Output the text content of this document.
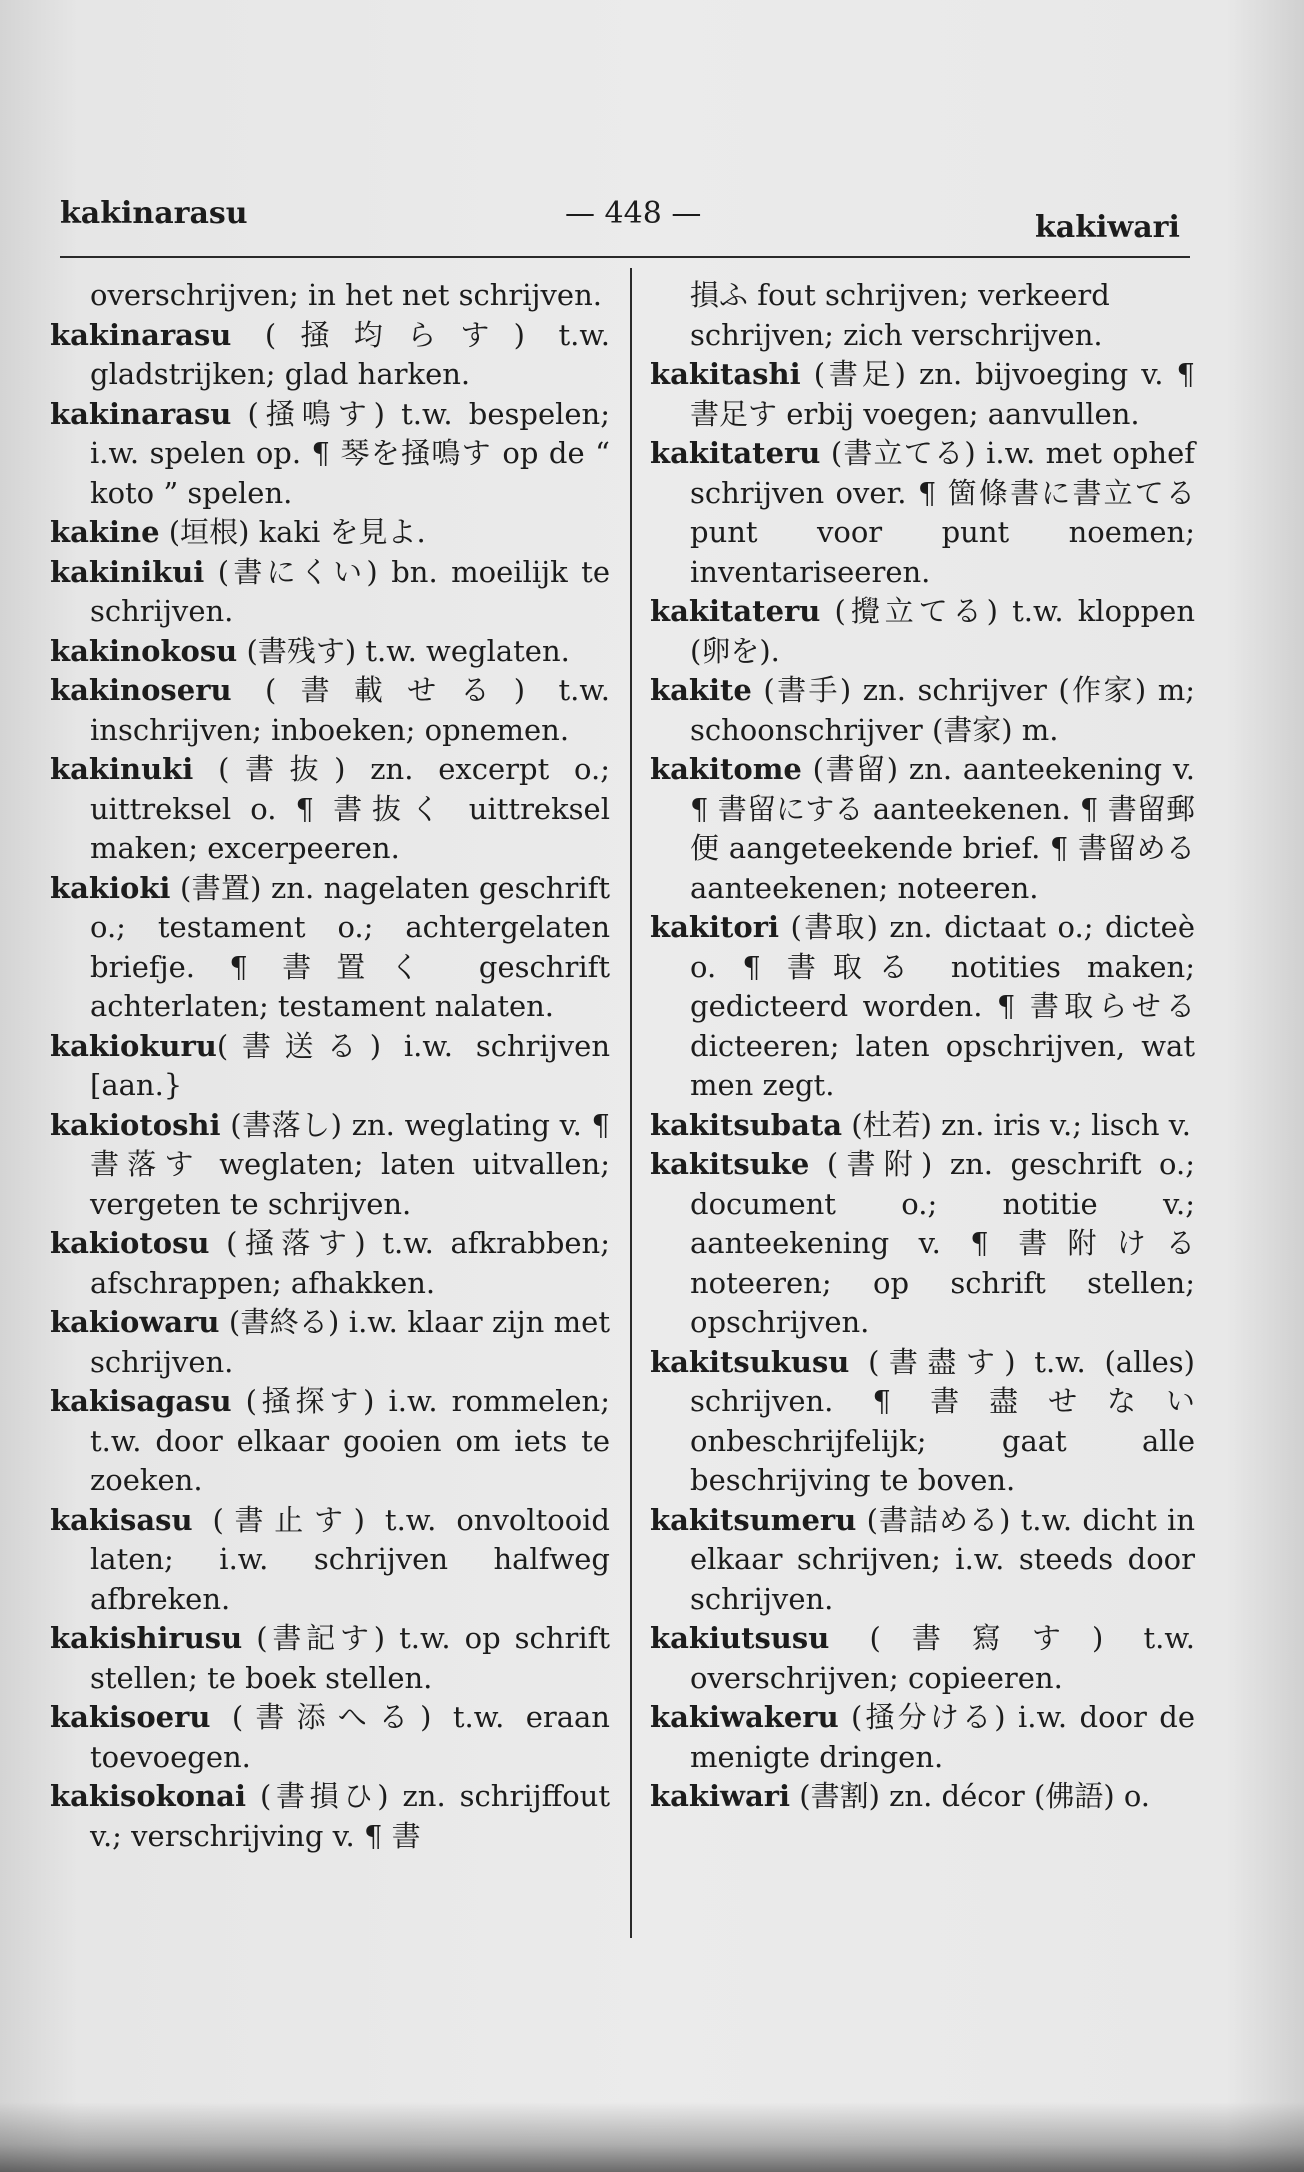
kakinarasu	— 448 —	kakiwari

overschrijven; in het net schrijven.

kakinarasu (掻均らす) t.w. gladstrijken; glad harken.

kakinarasu (掻鳴す) t.w. bespelen; i.w. spelen op. ¶ 琴を掻鳴す op de “ koto ” spelen.

kakine (垣根) kaki を見よ.

kakinikui (書にくい) bn. moeilijk te schrijven.

kakinokosu (書残す) t.w. weglaten.

kakinoseru (書載せる) t.w. inschrijven; inboeken; opnemen.

kakinuki (書抜) zn. excerpt o.; uittreksel o. ¶ 書抜く uittreksel maken; excerpeeren.

kakioki (書置) zn. nagelaten geschrift o.; testament o.; achtergelaten briefje. ¶ 書置く geschrift achterlaten; testament nalaten.

kakiokuru(書送る) i.w. schrijven [aan.}

kakiotoshi (書落し) zn. weglating v. ¶ 書落す weglaten; laten uitvallen; vergeten te schrijven.

kakiotosu (掻落す) t.w. afkrabben; afschrappen; afhakken.

kakiowaru (書終る) i.w. klaar zijn met schrijven.

kakisagasu (掻探す) i.w. rommelen; t.w. door elkaar gooien om iets te zoeken.

kakisasu (書止す) t.w. onvoltooid laten; i.w. schrijven halfweg afbreken.

kakishirusu (書記す) t.w. op schrift stellen; te boek stellen.

kakisoeru (書添へる) t.w. eraan toevoegen.

kakisokonai (書損ひ) zn. schrijffout v.; verschrijving v. ¶ 書

損ふ fout schrijven; verkeerd schrijven; zich verschrijven.

kakitashi (書足) zn. bijvoeging v. ¶ 書足す erbij voegen; aanvullen.

kakitateru (書立てる) i.w. met ophef schrijven over. ¶ 箇條書に書立てる punt voor punt noemen; inventariseeren.

kakitateru (攪立てる) t.w. kloppen (卵を).

kakite (書手) zn. schrijver (作家) m; schoonschrijver (書家) m.

kakitome (書留) zn. aanteekening v. ¶ 書留にする aanteekenen. ¶ 書留郵便 aangeteekende brief. ¶ 書留める aanteekenen; noteeren.

kakitori (書取) zn. dictaat o.; dicteè o. ¶ 書取る notities maken; gedicteerd worden. ¶ 書取らせる dicteeren; laten opschrijven, wat men zegt.

kakitsubata (杜若) zn. iris v.; lisch v.

kakitsuke (書附) zn. geschrift o.; document o.; notitie v.; aanteekening v. ¶ 書附ける noteeren; op schrift stellen; opschrijven.

kakitsukusu (書盡す) t.w. (alles) schrijven. ¶ 書盡せない onbeschrijfelijk; gaat alle beschrijving te boven.

kakitsumeru (書詰める) t.w. dicht in elkaar schrijven; i.w. steeds door schrijven.

kakiutsusu (書寫す) t.w. overschrijven; copieeren.

kakiwakeru (掻分ける) i.w. door de menigte dringen.

kakiwari (書割) zn. décor (佛語) o.
